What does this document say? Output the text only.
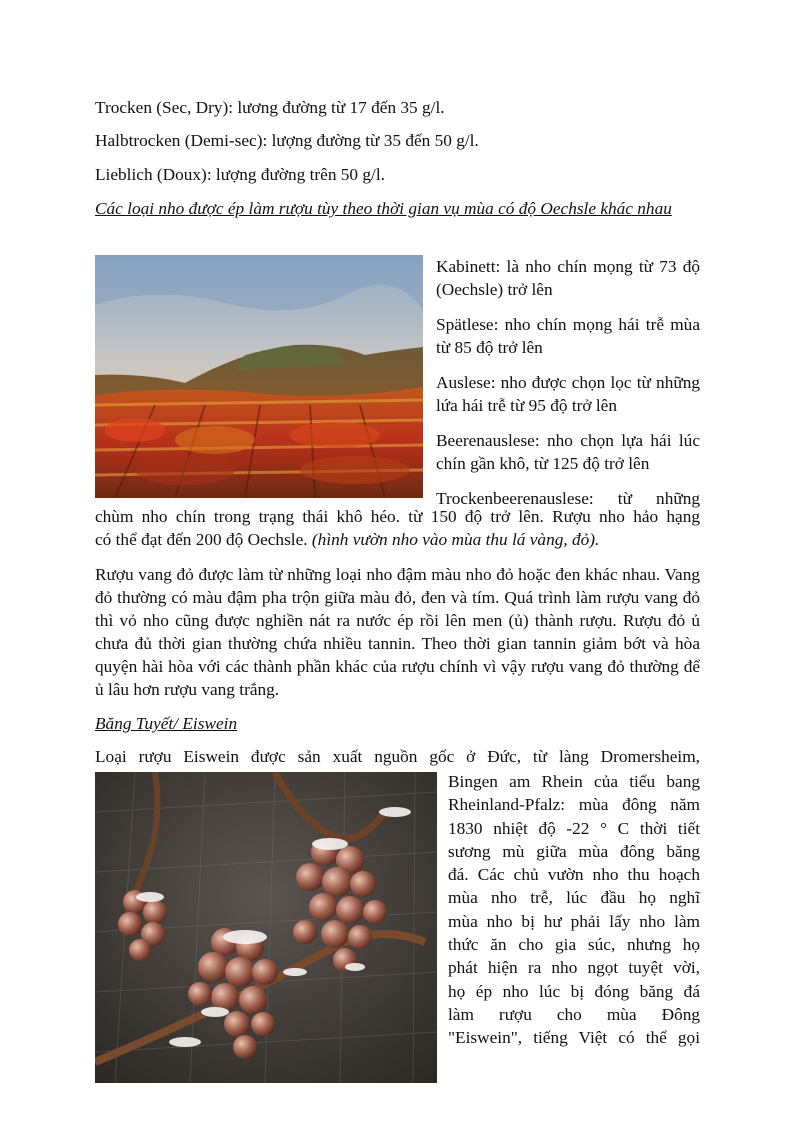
Trocken (Sec, Dry): lương đường từ 17 đến 35 g/l.

Halbtrocken (Demi-sec): lượng đường từ 35 đến 50 g/l.

Lieblich (Doux): lượng đường trên 50 g/l.

Các loại nho được ép làm rượu tùy theo thời gian vụ mùa có độ Oechsle khác nhau

Kabinett: là nho chín mọng từ 73 độ (Oechsle) trở lên

Spätlese: nho chín mọng hái trễ mùa từ 85 độ trở lên

Auslese: nho được chọn lọc từ những lứa hái trễ từ 95 độ trở lên

Beerenauslese: nho chọn lựa hái lúc chín gần khô, từ 125 độ trở lên

Trockenbeerenauslese: từ những

chùm nho chín trong trạng thái khô héo. từ 150 độ trở lên. Rượu nho hảo hạng

có thể đạt đến 200 độ Oechsle. (hình vườn nho vào mùa thu lá vàng, đỏ).

Rượu vang đỏ được làm từ những loại nho đậm màu nho đỏ hoặc đen khác nhau. Vang đỏ thường có màu đậm pha trộn giữa màu đỏ, đen và tím. Quá trình làm rượu vang đỏ thì vỏ nho cũng được nghiền nát ra nước ép rồi lên men (ủ) thành rượu. Rượu đỏ ủ chưa đủ thời gian thường chứa nhiều tannin. Theo thời gian tannin giảm bớt và hòa quyện hài hòa với các thành phần khác của rượu chính vì vậy rượu vang đỏ thường để ủ lâu hơn rượu vang trắng.

Băng Tuyết/ Eiswein

Loại rượu Eiswein được sản xuất nguồn gốc ở Đức, từ làng Dromersheim,

Bingen am Rhein của tiểu bang
Rheinland-Pfalz: mùa đông năm
1830 nhiệt độ -22 ° C thời tiết
sương mù giữa mùa đông băng
đá. Các chủ vườn nho thu hoạch
mùa nho trễ, lúc đầu họ nghĩ
mùa nho bị hư phải lấy nho làm
thức ăn cho gia súc, nhưng họ
phát hiện ra nho ngọt tuyệt vời,
họ ép nho lúc bị đóng băng đá
làm rượu cho mùa Đông
"Eiswein", tiếng Việt có thể gọi
